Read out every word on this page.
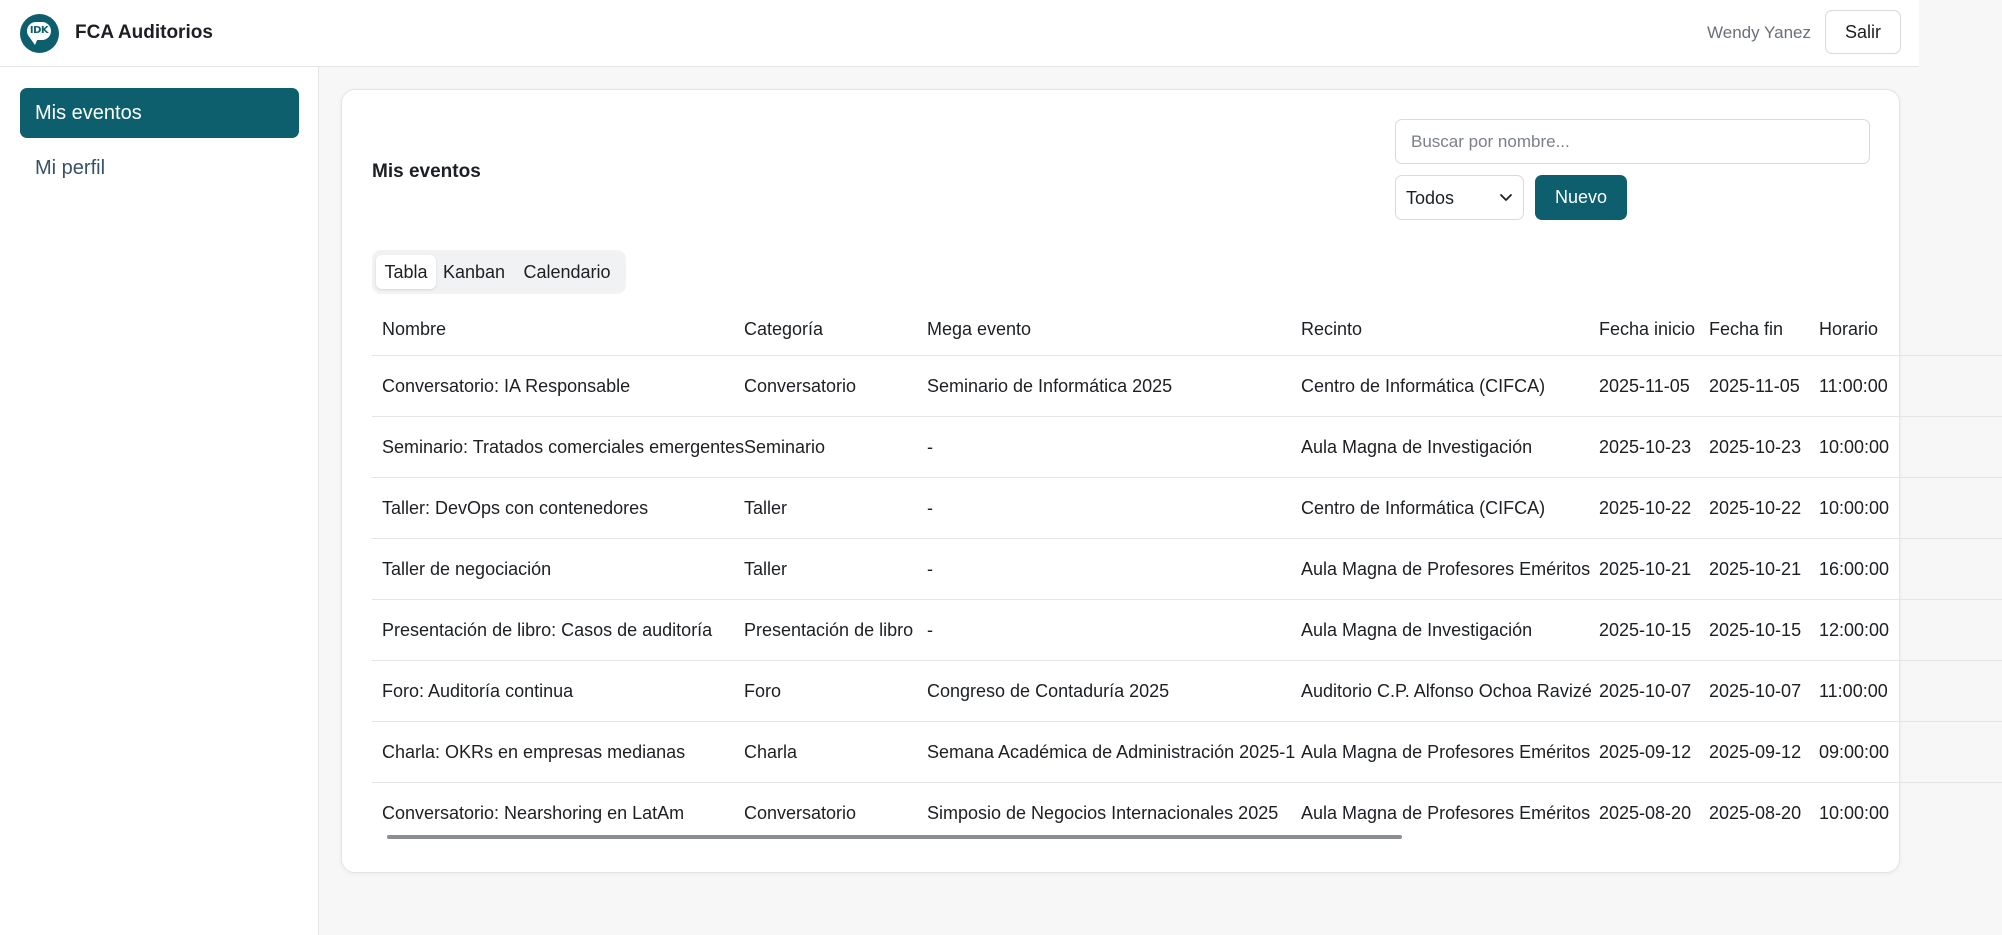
IDK FCA Auditorios	Wendy Yanez	Salir
Mis eventos
Mi perfil	Mis eventos
Buscar por nombre...
Todos	Nuevo
Tabla Kanban	Calendario
Nombre	Categoría	Mega evento	Recinto	Fecha inicio	Fecha fin	Horario
Conversatorio: IA Responsable	Conversatorio	Seminario de Informática 2025	Centro de Informática (CIFCA)	2025-11-05	2025-11-05	11:00:00
Seminario: Tratados comerciales emergentes	Seminario	-	Aula Magna de Investigación	2025-10-23	2025-10-23	10:00:00
Taller: DevOps con contenedores	Taller	-	Centro de Informática (CIFCA)	2025-10-22	2025-10-22	10:00:00
Taller de negociación	Taller	-	Aula Magna de Profesores Eméritos	2025-10-21	2025-10-21	16:00:00
Presentación de libro: Casos de auditoría	Presentación de libro	-	Aula Magna de Investigación	2025-10-15	2025-10-15	12:00:00
Foro: Auditoría continua	Foro	Congreso de Contaduría 2025	Auditorio C.P. Alfonso Ochoa Ravizé	2025-10-07	2025-10-07	11:00:00
Charla: OKRs en empresas medianas	Charla	Semana Académica de Administración 2025-1	Aula Magna de Profesores Eméritos	2025-09-12	2025-09-12	09:00:00
Conversatorio: Nearshoring en LatAm	Conversatorio	Simposio de Negocios Internacionales 2025	Aula Magna de Profesores Eméritos	2025-08-20	2025-08-20	10:00:00
